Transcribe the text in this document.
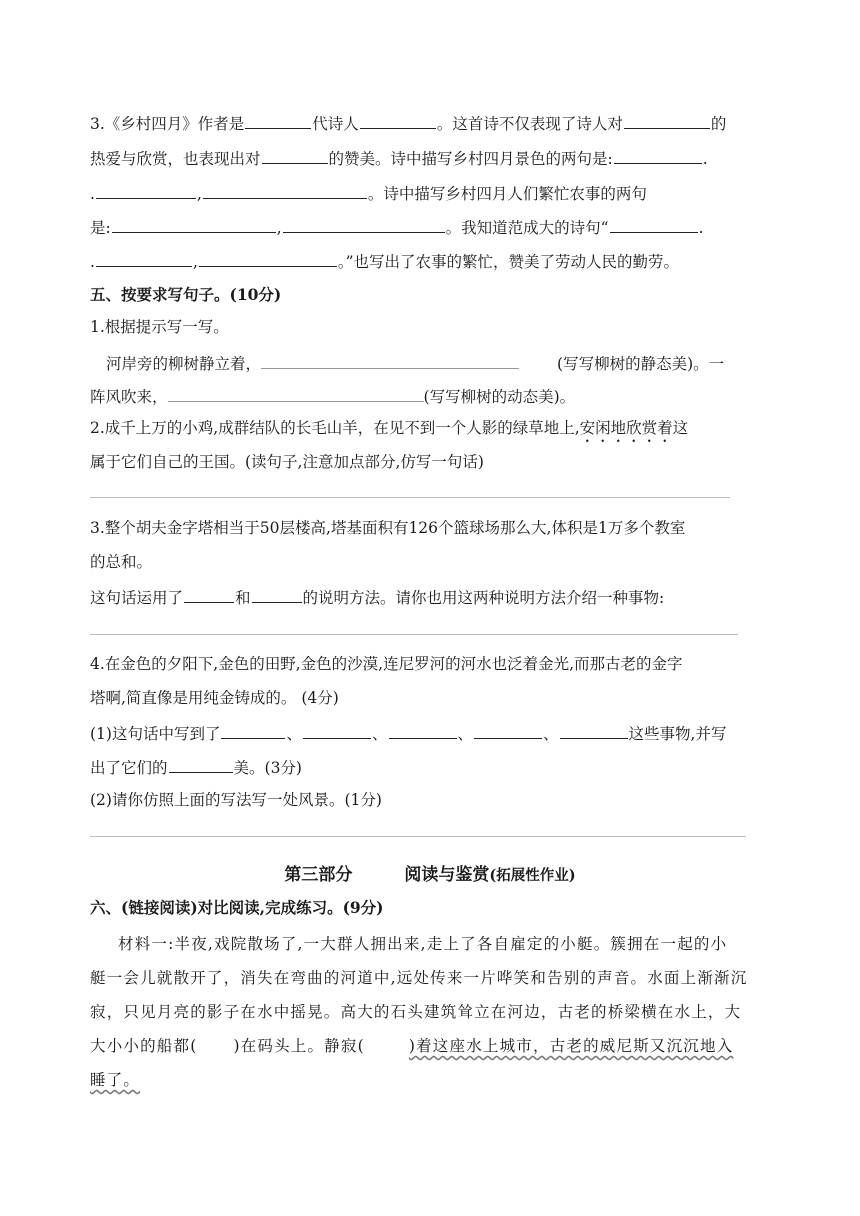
3.《乡村四月》作者是	代诗人	。这首诗不仅表现了诗人对	的
热爱与欣赏，也表现出对	的赞美。诗中描写乡村四月景色的两句是:	.
.	,	。诗中描写乡村四月人们繁忙农事的两句
是:	,	。我知道范成大的诗句“	.
.	,	。”也写出了农事的繁忙，赞美了劳动人民的勤劳。
五、按要求写句子。(10分)
1.根据提示写一写。
河岸旁的柳树静立着，	(写写柳树的静态美)。一
阵风吹来，	(写写柳树的动态美)。
2.成千上万的小鸡,成群结队的长毛山羊，在见不到一个人影的绿草地上,安闲地欣赏着这
属于它们自己的王国。(读句子,注意加点部分,仿写一句话)
3.整个胡夫金字塔相当于50层楼高,塔基面积有126个篮球场那么大,体积是1万多个教室
的总和。
这句话运用了	和	的说明方法。请你也用这两种说明方法介绍一种事物:
4.在金色的夕阳下,金色的田野,金色的沙漠,连尼罗河的河水也泛着金光,而那古老的金字
塔啊,简直像是用纯金铸成的。 (4分)
(1)这句话中写到了	、	、	、	、	这些事物,并写
出了它们的	美。(3分)
(2)请你仿照上面的写法写一处风景。(1分)
第三部分	阅读与鉴赏(拓展性作业)
六、(链接阅读)对比阅读,完成练习。(9分)
材料一:半夜,戏院散场了,一大群人拥出来,走上了各自雇定的小艇。簇拥在一起的小
艇一会儿就散开了，消失在弯曲的河道中,远处传来一片哗笑和告别的声音。水面上渐渐沉
寂，只见月亮的影子在水中摇晃。高大的石头建筑耸立在河边，古老的桥梁横在水上，大
大小小的船都( )在码头上。静寂(	)着这座水上城市，古老的威尼斯又沉沉地入
睡了。
